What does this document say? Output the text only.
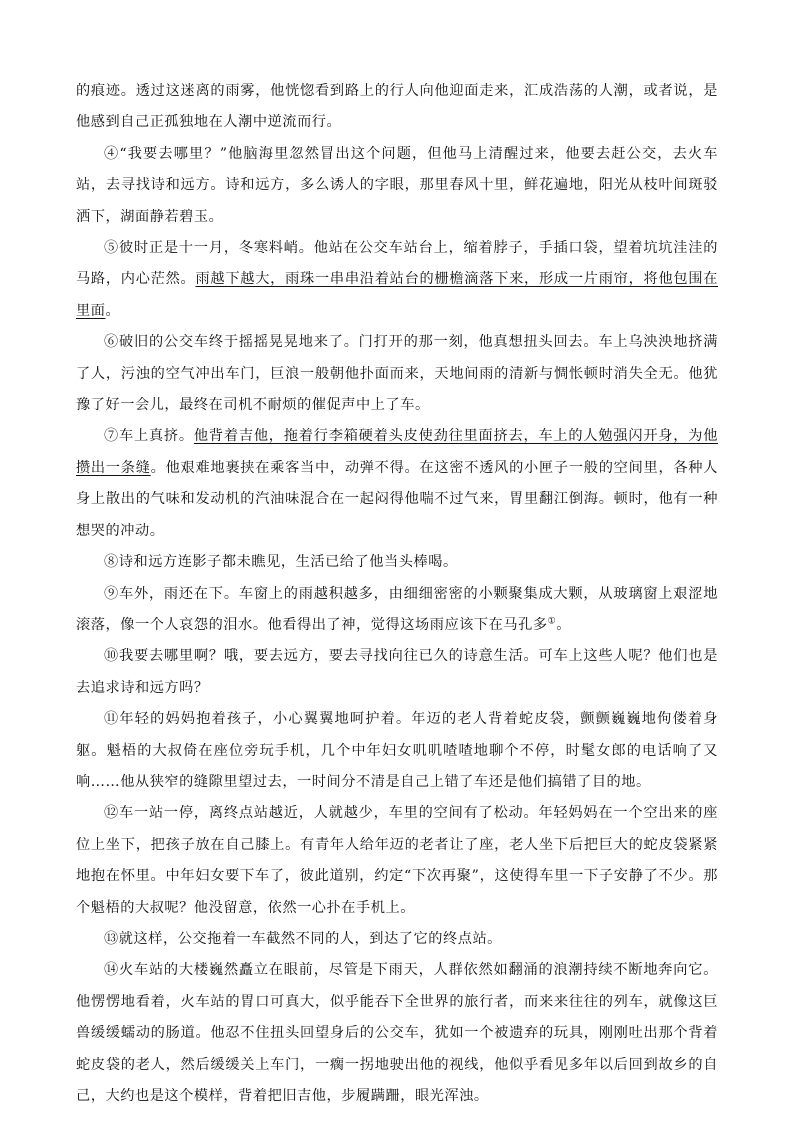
的痕迹。透过这迷离的雨雾，他恍惚看到路上的行人向他迎面走来，汇成浩荡的人潮，或者说，是他感到自己正孤独地在人潮中逆流而行。

④“我要去哪里？”他脑海里忽然冒出这个问题，但他马上清醒过来，他要去赶公交，去火车站，去寻找诗和远方。诗和远方，多么诱人的字眼，那里春风十里，鲜花遍地，阳光从枝叶间斑驳洒下，湖面静若碧玉。

⑤彼时正是十一月，冬寒料峭。他站在公交车站台上，缩着脖子，手插口袋，望着坑坑洼洼的马路，内心茫然。雨越下越大，雨珠一串串沿着站台的栅檐滴落下来，形成一片雨帘，将他包围在里面。

⑥破旧的公交车终于摇摇晃晃地来了。门打开的那一刻，他真想扭头回去。车上乌泱泱地挤满了人，污浊的空气冲出车门，巨浪一般朝他扑面而来，天地间雨的清新与惆怅顿时消失全无。他犹豫了好一会儿，最终在司机不耐烦的催促声中上了车。

⑦车上真挤。他背着吉他，拖着行李箱硬着头皮使劲往里面挤去，车上的人勉强闪开身，为他攒出一条缝。他艰难地裹挟在乘客当中，动弹不得。在这密不透风的小匣子一般的空间里，各种人身上散出的气味和发动机的汽油味混合在一起闷得他喘不过气来，胃里翻江倒海。顿时，他有一种想哭的冲动。

⑧诗和远方连影子都未瞧见，生活已给了他当头棒喝。

⑨车外，雨还在下。车窗上的雨越积越多，由细细密密的小颗聚集成大颗，从玻璃窗上艰涩地滚落，像一个人哀怨的泪水。他看得出了神，觉得这场雨应该下在马孔多①。

⑩我要去哪里啊？哦，要去远方，要去寻找向往已久的诗意生活。可车上这些人呢？他们也是去追求诗和远方吗？

⑪年轻的妈妈抱着孩子，小心翼翼地呵护着。年迈的老人背着蛇皮袋，颤颤巍巍地佝偻着身躯。魁梧的大叔倚在座位旁玩手机，几个中年妇女叽叽喳喳地聊个不停，时髦女郎的电话响了又响……他从狭窄的缝隙里望过去，一时间分不清是自己上错了车还是他们搞错了目的地。

⑫车一站一停，离终点站越近，人就越少，车里的空间有了松动。年轻妈妈在一个空出来的座位上坐下，把孩子放在自己膝上。有青年人给年迈的老者让了座，老人坐下后把巨大的蛇皮袋紧紧地抱在怀里。中年妇女要下车了，彼此道别，约定“下次再聚”，这使得车里一下子安静了不少。那个魁梧的大叔呢？他没留意，依然一心扑在手机上。

⑬就这样，公交拖着一车截然不同的人，到达了它的终点站。

⑭火车站的大楼巍然矗立在眼前，尽管是下雨天，人群依然如翻涌的浪潮持续不断地奔向它。他愣愣地看着，火车站的胃口可真大，似乎能吞下全世界的旅行者，而来来往往的列车，就像这巨兽缓缓蠕动的肠道。他忍不住扭头回望身后的公交车，犹如一个被遗弃的玩具，刚刚吐出那个背着蛇皮袋的老人，然后缓缓关上车门，一瘸一拐地驶出他的视线，他似乎看见多年以后回到故乡的自己，大约也是这个模样，背着把旧吉他，步履蹒跚，眼光浑浊。
